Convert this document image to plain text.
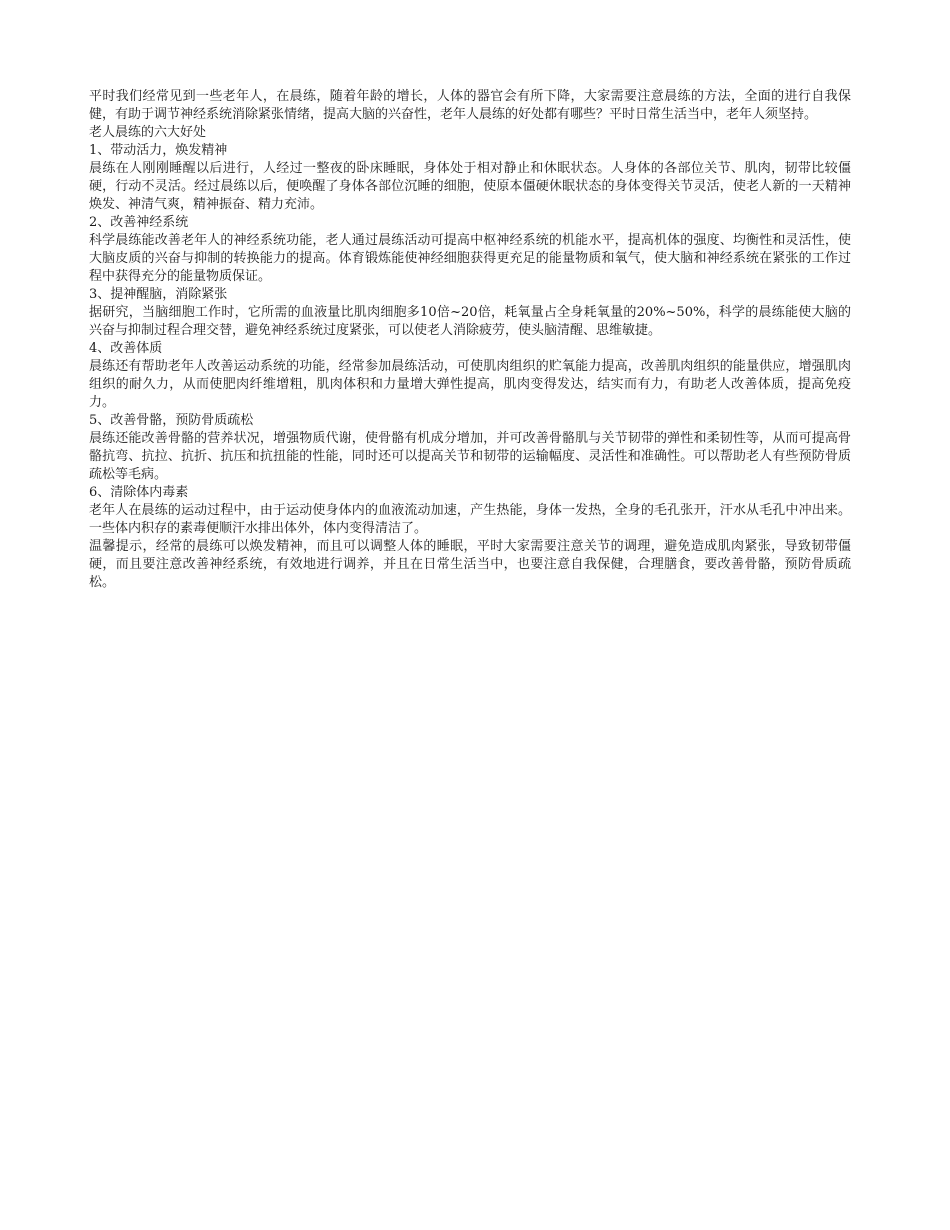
平时我们经常见到一些老年人，在晨练，随着年龄的增长，人体的器官会有所下降，大家需要注意晨练的方法，全面的进行自我保健，有助于调节神经系统消除紧张情绪，提高大脑的兴奋性，老年人晨练的好处都有哪些？平时日常生活当中，老年人须坚持。

老人晨练的六大好处

1、带动活力，焕发精神

晨练在人刚刚睡醒以后进行，人经过一整夜的卧床睡眠，身体处于相对静止和休眠状态。人身体的各部位关节、肌肉，韧带比较僵硬，行动不灵活。经过晨练以后，便唤醒了身体各部位沉睡的细胞，使原本僵硬休眠状态的身体变得关节灵活，使老人新的一天精神焕发、神清气爽，精神振奋、精力充沛。

2、改善神经系统

科学晨练能改善老年人的神经系统功能，老人通过晨练活动可提高中枢神经系统的机能水平，提高机体的强度、均衡性和灵活性，使大脑皮质的兴奋与抑制的转换能力的提高。体育锻炼能使神经细胞获得更充足的能量物质和氧气，使大脑和神经系统在紧张的工作过程中获得充分的能量物质保证。

3、提神醒脑，消除紧张

据研究，当脑细胞工作时，它所需的血液量比肌肉细胞多10倍~20倍，耗氧量占全身耗氧量的20%~50%，科学的晨练能使大脑的兴奋与抑制过程合理交替，避免神经系统过度紧张，可以使老人消除疲劳，使头脑清醒、思维敏捷。

4、改善体质

晨练还有帮助老年人改善运动系统的功能，经常参加晨练活动，可使肌肉组织的贮氧能力提高，改善肌肉组织的能量供应，增强肌肉组织的耐久力，从而使肥肉纤维增粗，肌肉体积和力量增大弹性提高，肌肉变得发达，结实而有力，有助老人改善体质，提高免疫力。

5、改善骨骼，预防骨质疏松

晨练还能改善骨骼的营养状况，增强物质代谢，使骨骼有机成分增加，并可改善骨骼肌与关节韧带的弹性和柔韧性等，从而可提高骨骼抗弯、抗拉、抗折、抗压和抗扭能的性能，同时还可以提高关节和韧带的运输幅度、灵活性和准确性。可以帮助老人有些预防骨质疏松等毛病。

6、清除体内毒素

老年人在晨练的运动过程中，由于运动使身体内的血液流动加速，产生热能，身体一发热，全身的毛孔张开，汗水从毛孔中冲出来。一些体内积存的素毒便顺汗水排出体外，体内变得清洁了。

温馨提示，经常的晨练可以焕发精神，而且可以调整人体的睡眠，平时大家需要注意关节的调理，避免造成肌肉紧张，导致韧带僵硬，而且要注意改善神经系统，有效地进行调养，并且在日常生活当中，也要注意自我保健，合理膳食，要改善骨骼，预防骨质疏松。
